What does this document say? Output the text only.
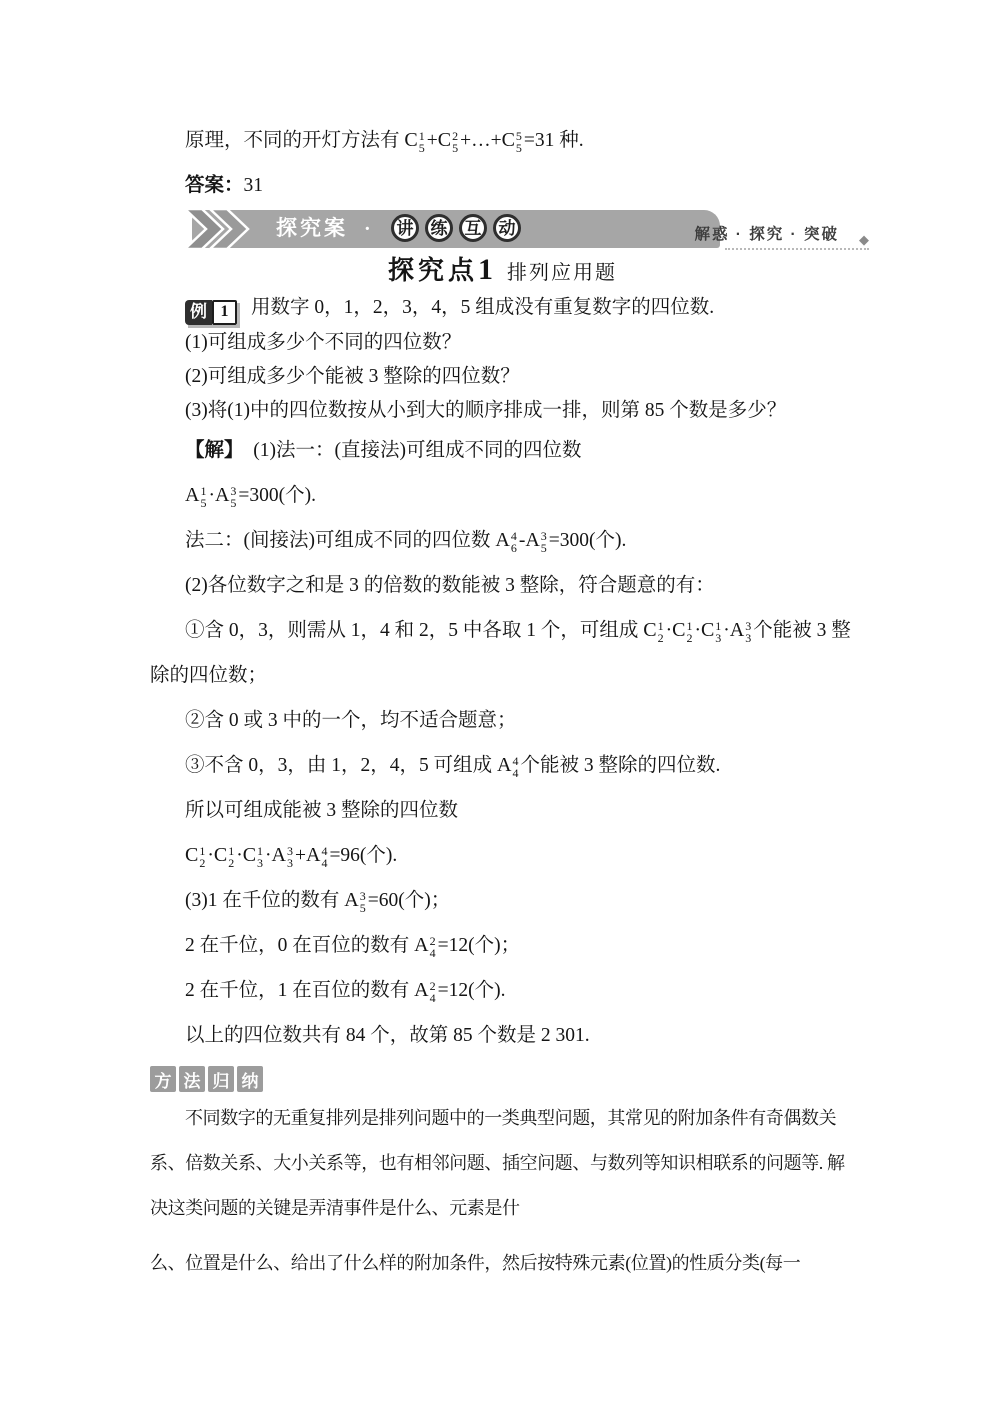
原理，不同的开灯方法有 C 1
5 +C 2
5 +…+C 5
5 =31 种.

答案：31

探究案 ·	讲	练	互	动	解惑 · 探究 · 突破 ◆
探究点1 排列应用题

例 1	用数字 0，1，2，3，4，5 组成没有重复数字的四位数.

(1)可组成多少个不同的四位数？

(2)可组成多少个能被 3 整除的四位数？

(3)将(1)中的四位数按从小到大的顺序排成一排，则第 85 个数是多少？

【解】　(1)法一：(直接法)可组成不同的四位数

A 1
5 ·A 3
5 =300(个).

法二：(间接法)可组成不同的四位数 A 4
6 -A 3
5 =300(个).

(2)各位数字之和是 3 的倍数的数能被 3 整除，符合题意的有：

①含 0，3，则需从 1，4 和 2，5 中各取 1 个，可组成 C 1
2 ·C 1
2 ·C 1
3 ·A 3
3 个能被 3 整除的四位数；

②含 0 或 3 中的一个，均不适合题意；

③不含 0，3，由 1，2，4，5 可组成 A 4
4 个能被 3 整除的四位数.

所以可组成能被 3 整除的四位数

C 1
2 ·C 1
2 ·C 1
3 ·A 3
3 +A 4
4 =96(个).

(3)1 在千位的数有 A 3
5 =60(个)；

2 在千位，0 在百位的数有 A 2
4 =12(个)；

2 在千位，1 在百位的数有 A 2
4 =12(个).

以上的四位数共有 84 个，故第 85 个数是 2 301.

方 法 归 纳

不同数字的无重复排列是排列问题中的一类典型问题，其常见的附加条件有奇偶数关系、倍数关系、大小关系等，也有相邻问题、插空问题、与数列等知识相联系的问题等. 解决这类问题的关键是弄清事件是什么、元素是什

么、位置是什么、给出了什么样的附加条件，然后按特殊元素(位置)的性质分类(每一
